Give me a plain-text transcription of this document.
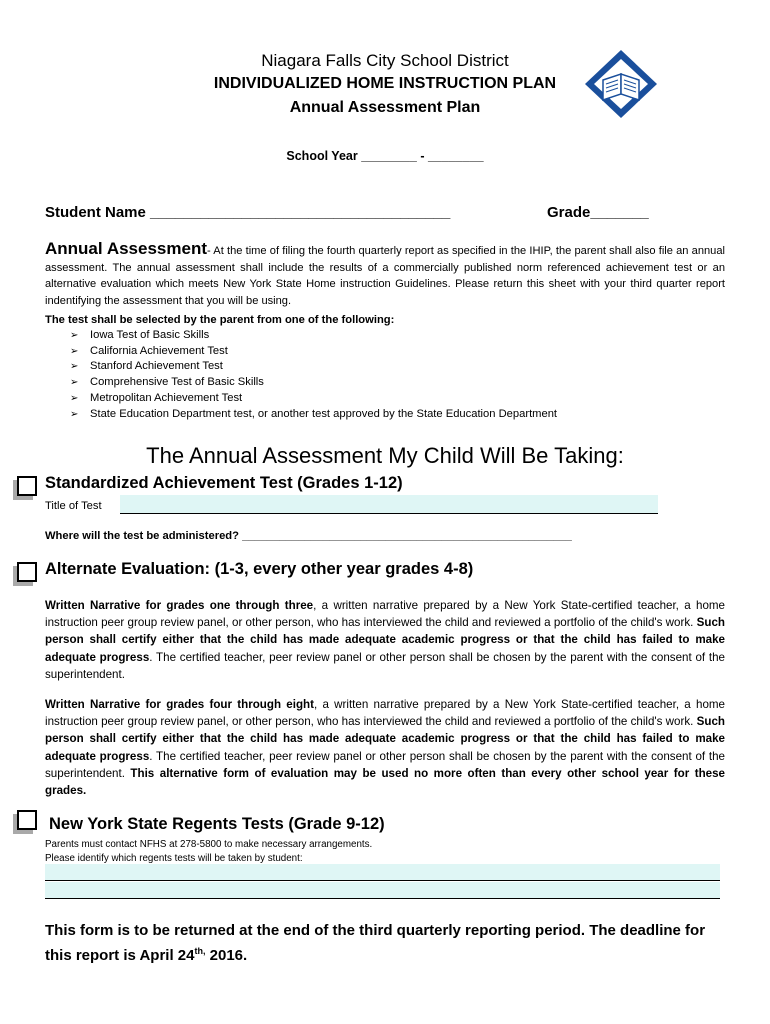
Niagara Falls City School District
INDIVIDUALIZED HOME INSTRUCTION PLAN
Annual Assessment Plan
School Year ________ - ________
Student Name ____________________________________	Grade_______
Annual Assessment- At the time of filing the fourth quarterly report as specified in the IHIP, the parent shall also file an annual assessment. The annual assessment shall include the results of a commercially published norm referenced achievement test or an alternative evaluation which meets New York State Home instruction Guidelines. Please return this sheet with your third quarter report indentifying the assessment that you will be using.
The test shall be selected by the parent from one of the following:
➢ Iowa Test of Basic Skills
➢ California Achievement Test
➢ Stanford Achievement Test
➢ Comprehensive Test of Basic Skills
➢ Metropolitan Achievement Test
➢ State Education Department test, or another test approved by the State Education Department
The Annual Assessment My Child Will Be Taking:
Standardized Achievement Test (Grades 1-12)
Title of Test
Where will the test be administered? _____________________________________________________
Alternate Evaluation: (1-3, every other year grades 4-8)
Written Narrative for grades one through three, a written narrative prepared by a New York State-certified teacher, a home instruction peer group review panel, or other person, who has interviewed the child and reviewed a portfolio of the child's work. Such person shall certify either that the child has made adequate academic progress or that the child has failed to make adequate progress. The certified teacher, peer review panel or other person shall be chosen by the parent with the consent of the superintendent.
Written Narrative for grades four through eight, a written narrative prepared by a New York State-certified teacher, a home instruction peer group review panel, or other person, who has interviewed the child and reviewed a portfolio of the child's work. Such person shall certify either that the child has made adequate academic progress or that the child has failed to make adequate progress. The certified teacher, peer review panel or other person shall be chosen by the parent with the consent of the superintendent. This alternative form of evaluation may be used no more often than every other school year for these grades.
New York State Regents Tests (Grade 9-12)
Parents must contact NFHS at 278-5800 to make necessary arrangements.
Please identify which regents tests will be taken by student:
This form is to be returned at the end of the third quarterly reporting period. The deadline for this report is April $24^{th,}$ 2016.
